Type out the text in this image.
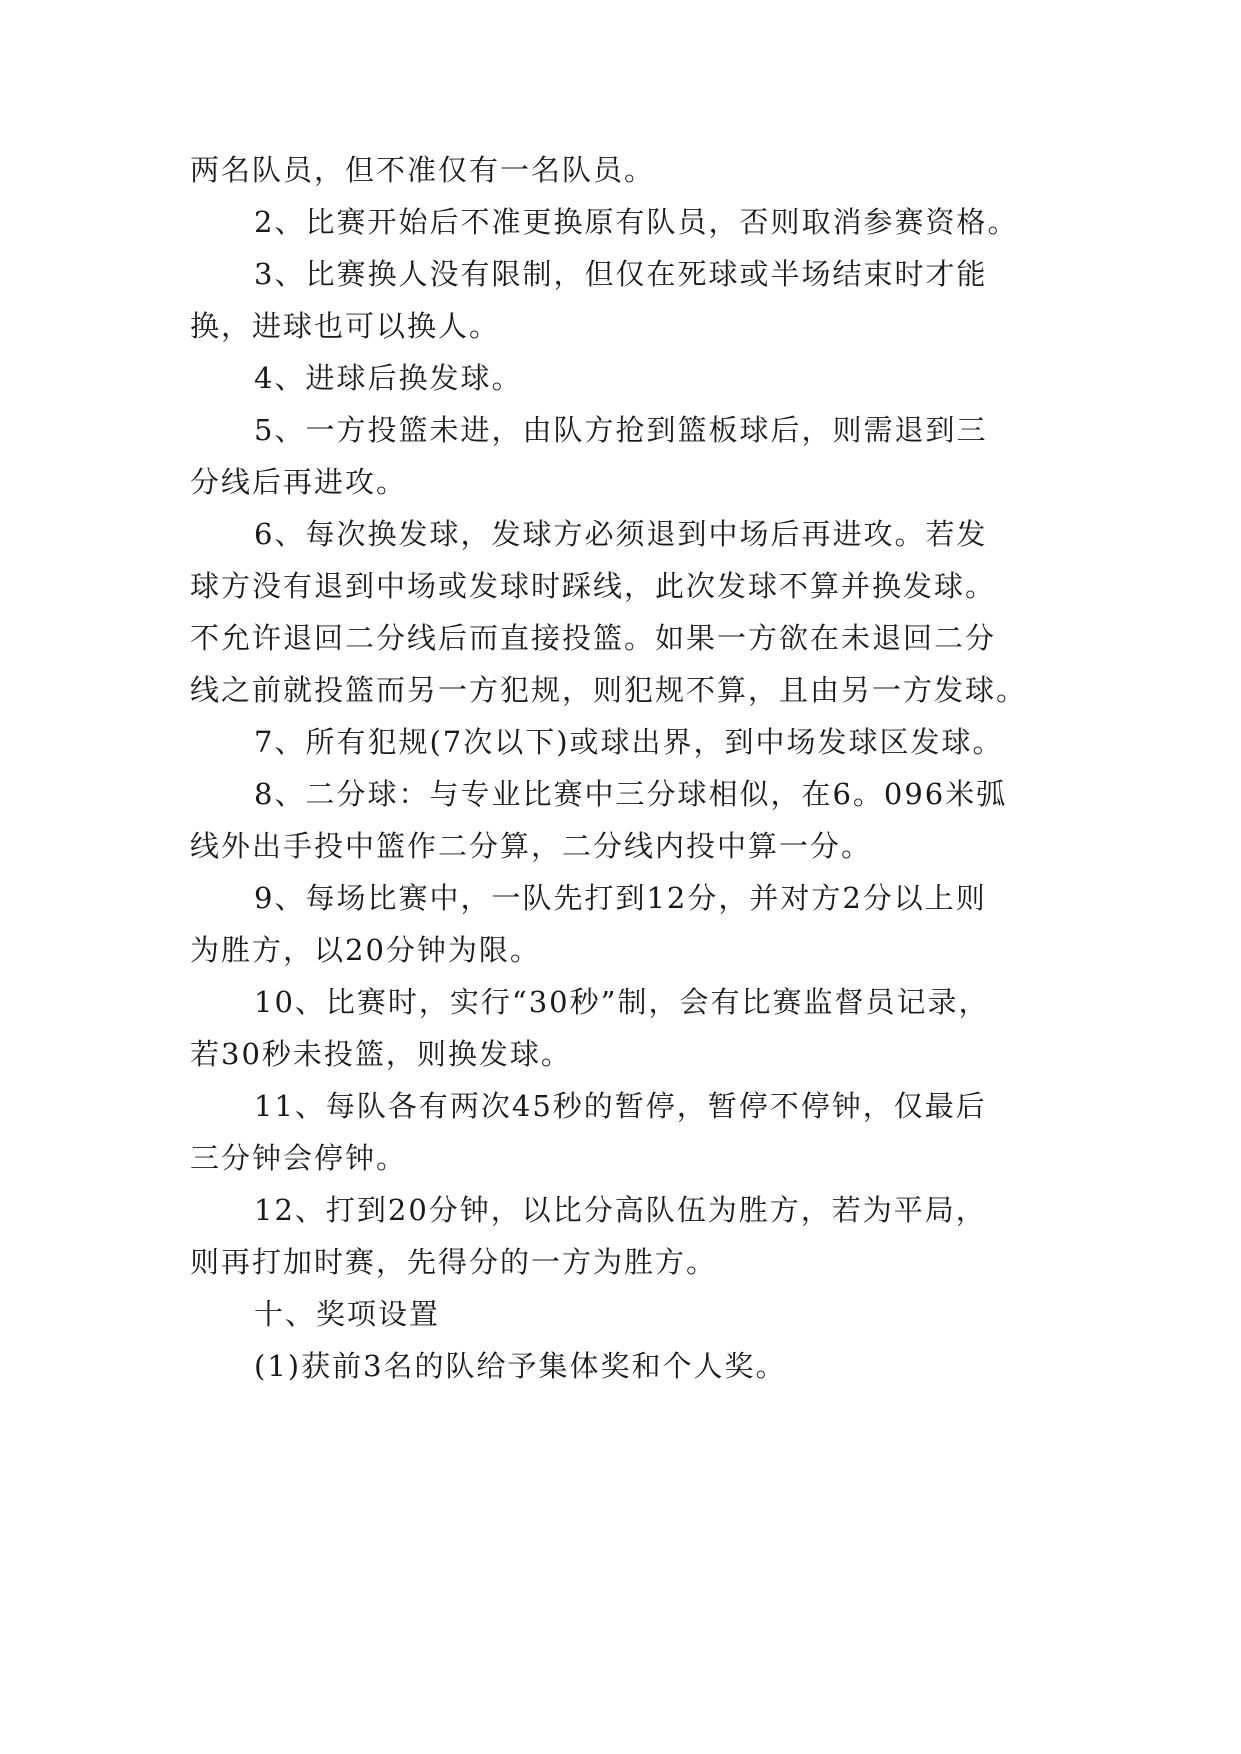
两名队员，但不准仅有一名队员。
2、比赛开始后不准更换原有队员，否则取消参赛资格。
3、比赛换人没有限制，但仅在死球或半场结束时才能
换，进球也可以换人。
4、进球后换发球。
5、一方投篮未进，由队方抢到篮板球后，则需退到三
分线后再进攻。
6、每次换发球，发球方必须退到中场后再进攻。若发
球方没有退到中场或发球时踩线，此次发球不算并换发球。
不允许退回二分线后而直接投篮。如果一方欲在未退回二分
线之前就投篮而另一方犯规，则犯规不算，且由另一方发球。
7、所有犯规(7次以下)或球出界，到中场发球区发球。
8、二分球：与专业比赛中三分球相似，在6。096米弧
线外出手投中篮作二分算，二分线内投中算一分。
9、每场比赛中，一队先打到12分，并对方2分以上则
为胜方，以20分钟为限。
10、比赛时，实行“30秒”制，会有比赛监督员记录，
若30秒未投篮，则换发球。
11、每队各有两次45秒的暂停，暂停不停钟，仅最后
三分钟会停钟。
12、打到20分钟，以比分高队伍为胜方，若为平局，
则再打加时赛，先得分的一方为胜方。
十、奖项设置
(1)获前3名的队给予集体奖和个人奖。
